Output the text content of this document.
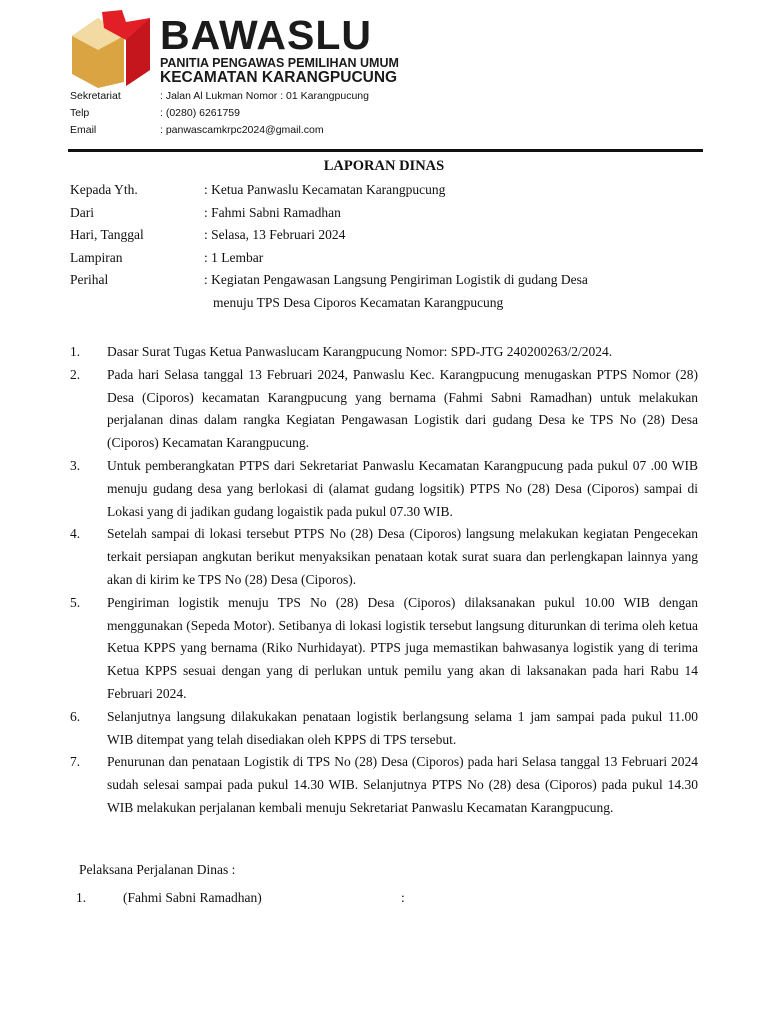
BAWASLU
PANITIA PENGAWAS PEMILIHAN UMUM
KECAMATAN KARANGPUCUNG
Sekretariat	: Jalan Al Lukman Nomor : 01 Karangpucung
Telp	: (0280) 6261759
Email	: panwascamkrpc2024@gmail.com
LAPORAN DINAS
Kepada Yth.	: Ketua Panwaslu Kecamatan Karangpucung
Dari	: Fahmi Sabni Ramadhan
Hari, Tanggal	: Selasa, 13 Februari 2024
Lampiran	: 1 Lembar
Perihal	: Kegiatan Pengawasan Langsung Pengiriman Logistik di gudang Desa
menuju TPS Desa Ciporos Kecamatan Karangpucung
1. Dasar Surat Tugas Ketua Panwaslucam Karangpucung Nomor: SPD-JTG 240200263/2/2024.
2. Pada hari Selasa tanggal 13 Februari 2024, Panwaslu Kec. Karangpucung menugaskan PTPS Nomor (28) Desa (Ciporos) kecamatan Karangpucung yang bernama (Fahmi Sabni Ramadhan) untuk melakukan perjalanan dinas dalam rangka Kegiatan Pengawasan Logistik dari gudang Desa ke TPS No (28) Desa (Ciporos) Kecamatan Karangpucung.
3. Untuk pemberangkatan PTPS dari Sekretariat Panwaslu Kecamatan Karangpucung pada pukul 07 .00 WIB menuju gudang desa yang berlokasi di (alamat gudang logsitik) PTPS No (28) Desa (Ciporos) sampai di Lokasi yang di jadikan gudang logaistik pada pukul 07.30 WIB.
4. Setelah sampai di lokasi tersebut PTPS No (28) Desa (Ciporos) langsung melakukan kegiatan Pengecekan terkait persiapan angkutan berikut menyaksikan penataan kotak surat suara dan perlengkapan lainnya yang akan di kirim ke TPS No (28) Desa (Ciporos).
5. Pengiriman logistik menuju TPS No (28) Desa (Ciporos) dilaksanakan pukul 10.00 WIB dengan menggunakan (Sepeda Motor). Setibanya di lokasi logistik tersebut langsung diturunkan di terima oleh ketua Ketua KPPS yang bernama (Riko Nurhidayat). PTPS juga memastikan bahwasanya logistik yang di terima Ketua KPPS sesuai dengan yang di perlukan untuk pemilu yang akan di laksanakan pada hari Rabu 14 Februari 2024.
6. Selanjutnya langsung dilakukakan penataan logistik berlangsung selama 1 jam sampai pada pukul 11.00 WIB ditempat yang telah disediakan oleh KPPS di TPS tersebut.
7. Penurunan dan penataan Logistik di TPS No (28) Desa (Ciporos) pada hari Selasa tanggal 13 Februari 2024 sudah selesai sampai pada pukul 14.30 WIB. Selanjutnya PTPS No (28) desa (Ciporos) pada pukul 14.30 WIB melakukan perjalanan kembali menuju Sekretariat Panwaslu Kecamatan Karangpucung.
Pelaksana Perjalanan Dinas :
1.	(Fahmi Sabni Ramadhan)	:
